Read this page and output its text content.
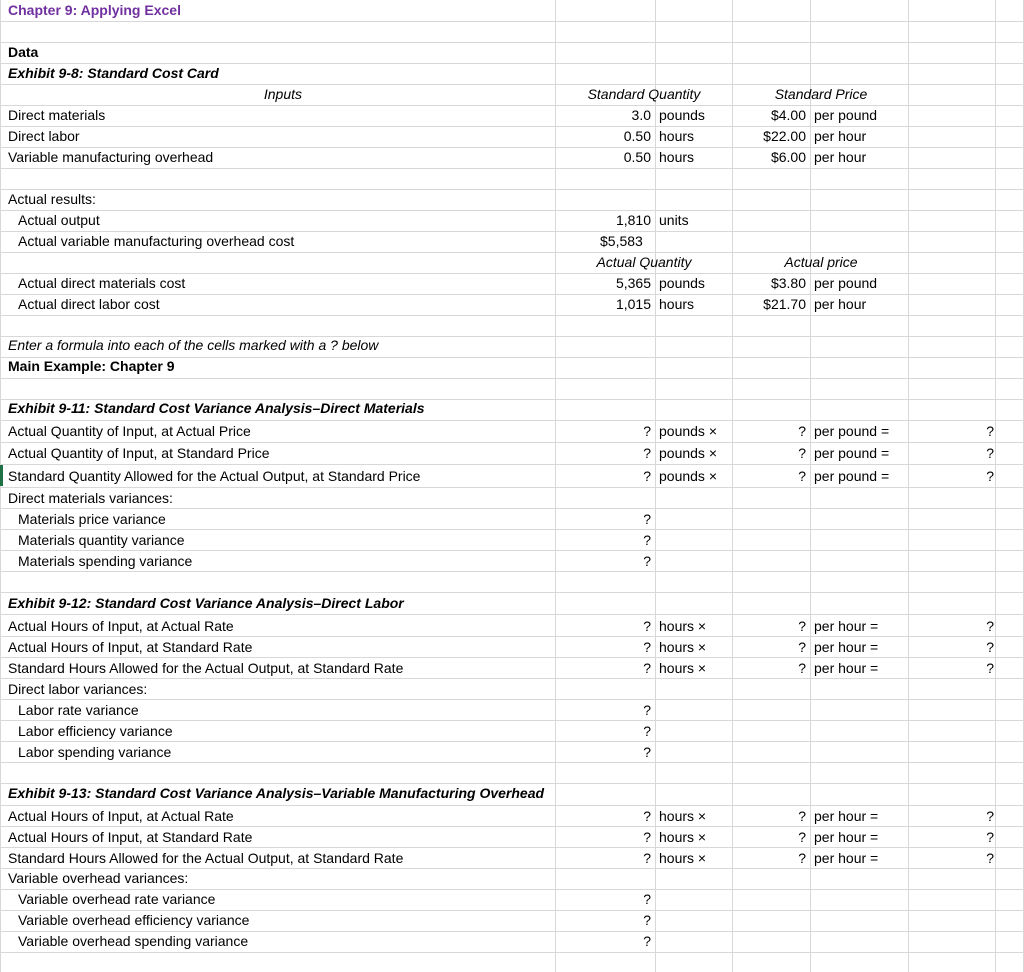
Chapter 9: Applying Excel
Data
Exhibit 9-8: Standard Cost Card
Inputs	Standard Quantity	Standard Price
Direct materials	3.0 pounds	$4.00 per pound
Direct labor	0.50 hours	$22.00 per hour
Variable manufacturing overhead	0.50 hours	$6.00 per hour
Actual results:
Actual output	1,810 units
Actual variable manufacturing overhead cost	$5,583
Actual Quantity	Actual price
Actual direct materials cost	5,365 pounds	$3.80 per pound
Actual direct labor cost	1,015 hours	$21.70 per hour
Enter a formula into each of the cells marked with a ? below
Main Example: Chapter 9
Exhibit 9-11: Standard Cost Variance Analysis–Direct Materials
Actual Quantity of Input, at Actual Price	? pounds ×	? per pound =	?
Actual Quantity of Input, at Standard Price	? pounds ×	? per pound =	?
Standard Quantity Allowed for the Actual Output, at Standard Price	? pounds ×	? per pound =	?
Direct materials variances:
Materials price variance	?
Materials quantity variance	?
Materials spending variance	?
Exhibit 9-12: Standard Cost Variance Analysis–Direct Labor
Actual Hours of Input, at Actual Rate	? hours ×	? per hour =	?
Actual Hours of Input, at Standard Rate	? hours ×	? per hour =	?
Standard Hours Allowed for the Actual Output, at Standard Rate	? hours ×	? per hour =	?
Direct labor variances:
Labor rate variance	?
Labor efficiency variance	?
Labor spending variance	?
Exhibit 9-13: Standard Cost Variance Analysis–Variable Manufacturing Overhead
Actual Hours of Input, at Actual Rate	? hours ×	? per hour =	?
Actual Hours of Input, at Standard Rate	? hours ×	? per hour =	?
Standard Hours Allowed for the Actual Output, at Standard Rate	? hours ×	? per hour =	?
Variable overhead variances:
Variable overhead rate variance	?
Variable overhead efficiency variance	?
Variable overhead spending variance	?
